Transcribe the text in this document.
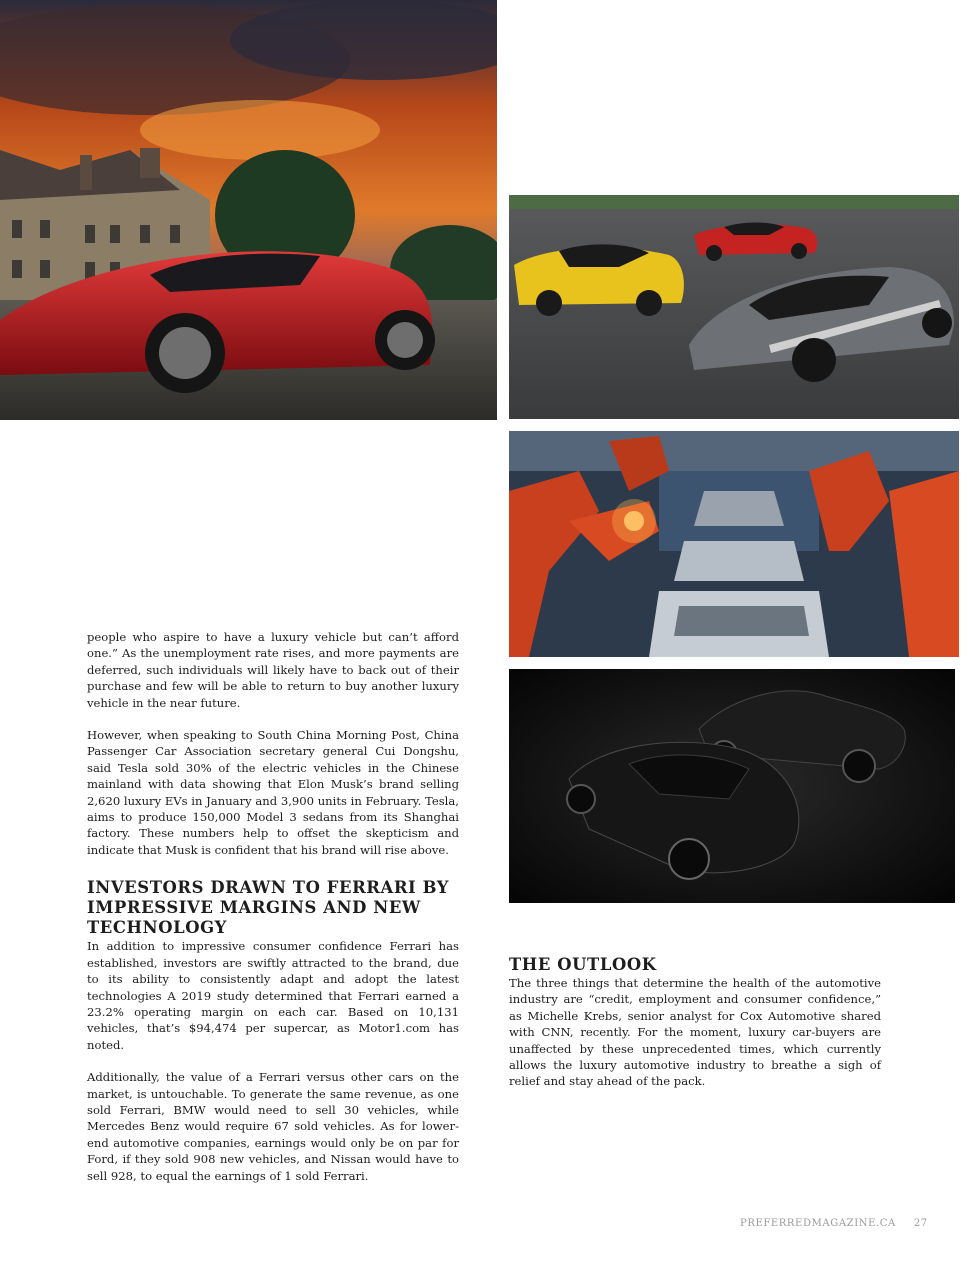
people who aspire to have a luxury vehicle but can’t afford one.” As the unemployment rate rises, and more payments are deferred, such individuals will likely have to back out of their purchase and few will be able to return to buy another luxury vehicle in the near future.

However, when speaking to South China Morning Post, China Passenger Car Association secretary general Cui Dongshu, said Tesla sold 30% of the electric vehicles in the Chinese mainland with data showing that Elon Musk’s brand selling 2,620 luxury EVs in January and 3,900 units in February. Tesla, aims to produce 150,000 Model 3 sedans from its Shanghai factory. These numbers help to offset the skepticism and indicate that Musk is confident that his brand will rise above.

INVESTORS DRAWN TO FERRARI BY IMPRESSIVE MARGINS AND NEW TECHNOLOGY

In addition to impressive consumer confidence Ferrari has established, investors are swiftly attracted to the brand, due to its ability to consistently adapt and adopt the latest technologies A 2019 study determined that Ferrari earned a 23.2% operating margin on each car. Based on 10,131 vehicles, that’s $94,474 per supercar, as Motor1.com has noted.

Additionally, the value of a Ferrari versus other cars on the market, is untouchable. To generate the same revenue, as one sold Ferrari, BMW would need to sell 30 vehicles, while Mercedes Benz would require 67 sold vehicles. As for lower-end automotive companies, earnings would only be on par for Ford, if they sold 908 new vehicles, and Nissan would have to sell 928, to equal the earnings of 1 sold Ferrari.

THE OUTLOOK

The three things that determine the health of the automotive industry are “credit, employment and consumer confidence,” as Michelle Krebs, senior analyst for Cox Automotive shared with CNN, recently. For the moment, luxury car-buyers are unaffected by these unprecedented times, which currently allows the luxury automotive industry to breathe a sigh of relief and stay ahead of the pack.

PREFERREDMAGAZINE.CA 27
